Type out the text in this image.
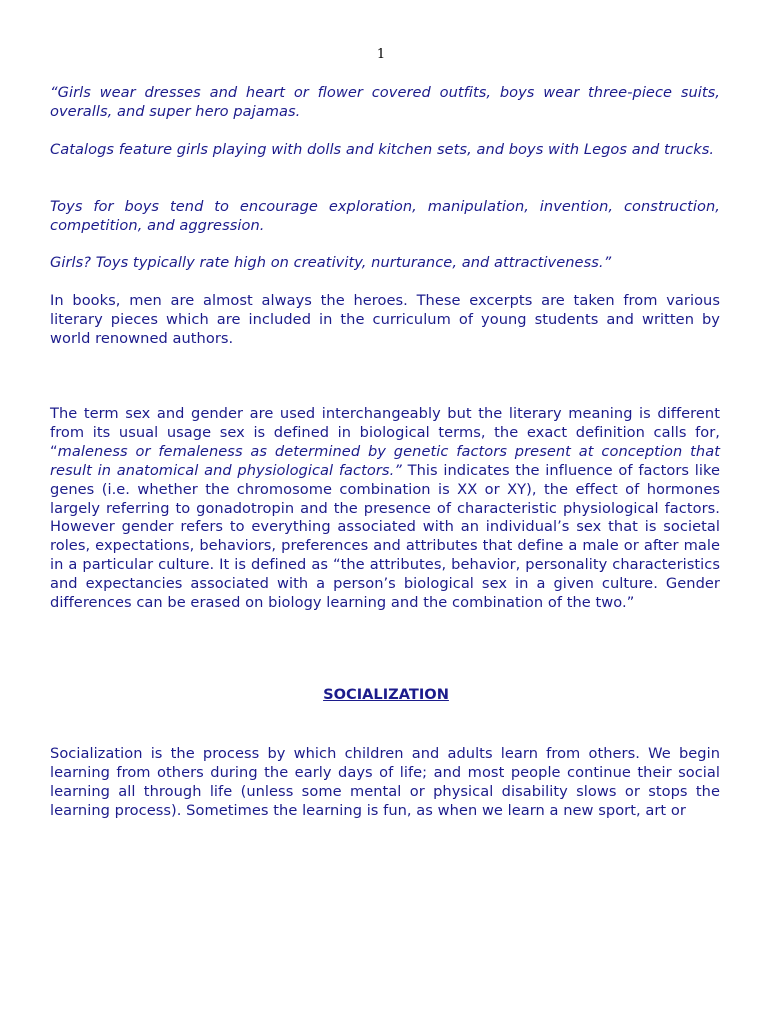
1

“Girls wear dresses and heart or flower covered outfits, boys wear three-piece suits, overalls, and super hero pajamas.

Catalogs feature girls playing with dolls and kitchen sets, and boys with Legos and trucks.

Toys for boys tend to encourage exploration, manipulation, invention, construction, competition, and aggression.

Girls? Toys typically rate high on creativity, nurturance, and attractiveness.”

In books, men are almost always the heroes. These excerpts are taken from various literary pieces which are included in the curriculum of young students and written by world renowned authors.

The term sex and gender are used interchangeably but the literary meaning is different from its usual usage sex is defined in biological terms, the exact definition calls for, “maleness or femaleness as determined by genetic factors present at conception that result in anatomical and physiological factors.” This indicates the influence of factors like genes (i.e. whether the chromosome combination is XX or XY), the effect of hormones largely referring to gonadotropin and the presence of characteristic physiological factors. However gender refers to everything associated with an individual’s sex that is societal roles, expectations, behaviors, preferences and attributes that define a male or after male in a particular culture. It is defined as “the attributes, behavior, personality characteristics and expectancies associated with a person’s biological sex in a given culture. Gender differences can be erased on biology learning and the combination of the two.”

SOCIALIZATION

Socialization is the process by which children and adults learn from others. We begin learning from others during the early days of life; and most people continue their social learning all through life (unless some mental or physical disability slows or stops the learning process). Sometimes the learning is fun, as when we learn a new sport, art or
